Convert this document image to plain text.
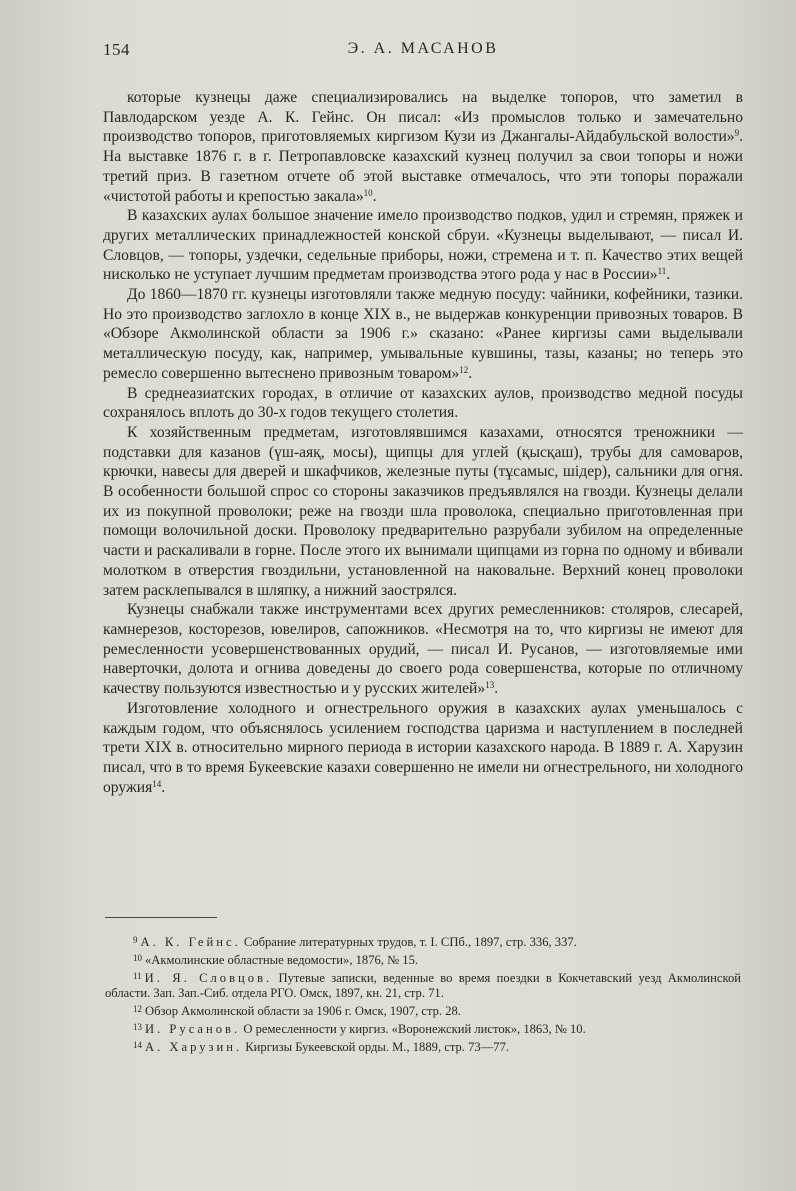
154	Э. А. МАСАНОВ

которые кузнецы даже специализировались на выделке топоров, что заметил в Павлодарском уезде А. К. Гейнс. Он писал: «Из промыслов только и замечательно производство топоров, приготовляемых киргизом Кузи из Джангалы-Айдабульской волости»$^9$. На выставке 1876 г. в г. Петропавловске казахский кузнец получил за свои топоры и ножи третий приз. В газетном отчете об этой выставке отмечалось, что эти топоры поражали «чистотой работы и крепостью закала»$^{10}$.

В казахских аулах большое значение имело производство подков, удил и стремян, пряжек и других металлических принадлежностей конской сбруи. «Кузнецы выделывают, — писал И. Словцов, — топоры, уздечки, седельные приборы, ножи, стремена и т. п. Качество этих вещей нисколько не уступает лучшим предметам производства этого рода у нас в России»$^{11}$.

До 1860—1870 гг. кузнецы изготовляли также медную посуду: чайники, кофейники, тазики. Но это производство заглохло в конце XIX в., не выдержав конкуренции привозных товаров. В «Обзоре Акмолинской области за 1906 г.» сказано: «Ранее киргизы сами выделывали металлическую посуду, как, например, умывальные кувшины, тазы, казаны; но теперь это ремесло совершенно вытеснено привозным товаром»$^{12}$.

В среднеазиатских городах, в отличие от казахских аулов, производство медной посуды сохранялось вплоть до 30-х годов текущего столетия.

К хозяйственным предметам, изготовлявшимся казахами, относятся треножники — подставки для казанов (үш-аяқ, мосы), щипцы для углей (қысқаш), трубы для самоваров, крючки, навесы для дверей и шкафчиков, железные путы (тұсамыс, шідер), сальники для огня. В особенности большой спрос со стороны заказчиков предъявлялся на гвозди. Кузнецы делали их из покупной проволоки; реже на гвозди шла проволока, специально приготовленная при помощи волочильной доски. Проволоку предварительно разрубали зубилом на определенные части и раскаливали в горне. После этого их вынимали щипцами из горна по одному и вбивали молотком в отверстия гвоздильни, установленной на наковальне. Верхний конец проволоки затем расклепывался в шляпку, а нижний заострялся.

Кузнецы снабжали также инструментами всех других ремесленников: столяров, слесарей, камнерезов, косторезов, ювелиров, сапожников. «Несмотря на то, что киргизы не имеют для ремесленности усовершенствованных орудий, — писал И. Русанов, — изготовляемые ими наверточки, долота и огнива доведены до своего рода совершенства, которые по отличному качеству пользуются известностью и у русских жителей»$^{13}$.

Изготовление холодного и огнестрельного оружия в казахских аулах уменьшалось с каждым годом, что объяснялось усилением господства царизма и наступлением в последней трети XIX в. относительно мирного периода в истории казахского народа. В 1889 г. А. Харузин писал, что в то время Букеевские казахи совершенно не имели ни огнестрельного, ни холодного оружия$^{14}$.

$^9$ А. К. Гейнс. Собрание литературных трудов, т. I. СПб., 1897, стр. 336, 337.
$^{10}$ «Акмолинские областные ведомости», 1876, № 15.
$^{11}$ И. Я. Словцов. Путевые записки, веденные во время поездки в Кокчетавский уезд Акмолинской области. Зап. Зап.-Сиб. отдела РГО. Омск, 1897, кн. 21, стр. 71.
$^{12}$ Обзор Акмолинской области за 1906 г. Омск, 1907, стр. 28.
$^{13}$ И. Русанов. О ремесленности у киргиз. «Воронежский листок», 1863, № 10.
$^{14}$ А. Харузин. Киргизы Букеевской орды. М., 1889, стр. 73—77.
